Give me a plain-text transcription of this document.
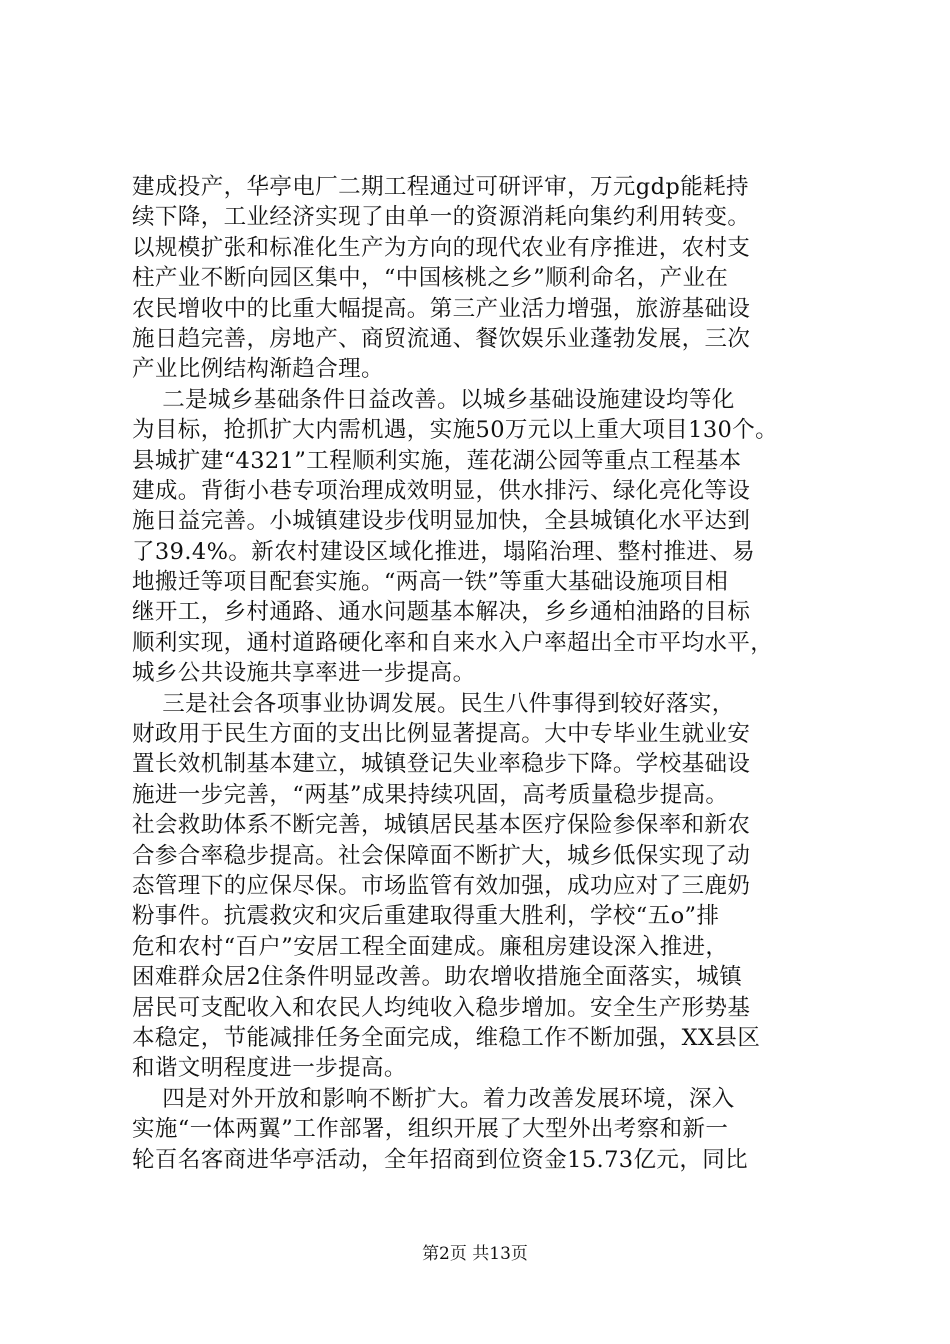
建成投产，华亭电厂二期工程通过可研评审，万元gdp能耗持
续下降，工业经济实现了由单一的资源消耗向集约利用转变。
以规模扩张和标准化生产为方向的现代农业有序推进，农村支
柱产业不断向园区集中，“中国核桃之乡”顺利命名，产业在
农民增收中的比重大幅提高。第三产业活力增强，旅游基础设
施日趋完善，房地产、商贸流通、餐饮娱乐业蓬勃发展，三次
产业比例结构渐趋合理。
二是城乡基础条件日益改善。以城乡基础设施建设均等化
为目标，抢抓扩大内需机遇，实施50万元以上重大项目130个。
县城扩建“4321”工程顺利实施，莲花湖公园等重点工程基本
建成。背街小巷专项治理成效明显，供水排污、绿化亮化等设
施日益完善。小城镇建设步伐明显加快，全县城镇化水平达到
了39.4%。新农村建设区域化推进，塌陷治理、整村推进、易
地搬迁等项目配套实施。“两高一铁”等重大基础设施项目相
继开工，乡村通路、通水问题基本解决，乡乡通柏油路的目标
顺利实现，通村道路硬化率和自来水入户率超出全市平均水平，
城乡公共设施共享率进一步提高。
三是社会各项事业协调发展。民生八件事得到较好落实，
财政用于民生方面的支出比例显著提高。大中专毕业生就业安
置长效机制基本建立，城镇登记失业率稳步下降。学校基础设
施进一步完善，“两基”成果持续巩固，高考质量稳步提高。
社会救助体系不断完善，城镇居民基本医疗保险参保率和新农
合参合率稳步提高。社会保障面不断扩大，城乡低保实现了动
态管理下的应保尽保。市场监管有效加强，成功应对了三鹿奶
粉事件。抗震救灾和灾后重建取得重大胜利，学校“五o”排
危和农村“百户”安居工程全面建成。廉租房建设深入推进，
困难群众居2住条件明显改善。助农增收措施全面落实，城镇
居民可支配收入和农民人均纯收入稳步增加。安全生产形势基
本稳定，节能减排任务全面完成，维稳工作不断加强，XX县区
和谐文明程度进一步提高。
四是对外开放和影响不断扩大。着力改善发展环境，深入
实施“一体两翼”工作部署，组织开展了大型外出考察和新一
轮百名客商进华亭活动，全年招商到位资金15.73亿元，同比
第2页 共13页
